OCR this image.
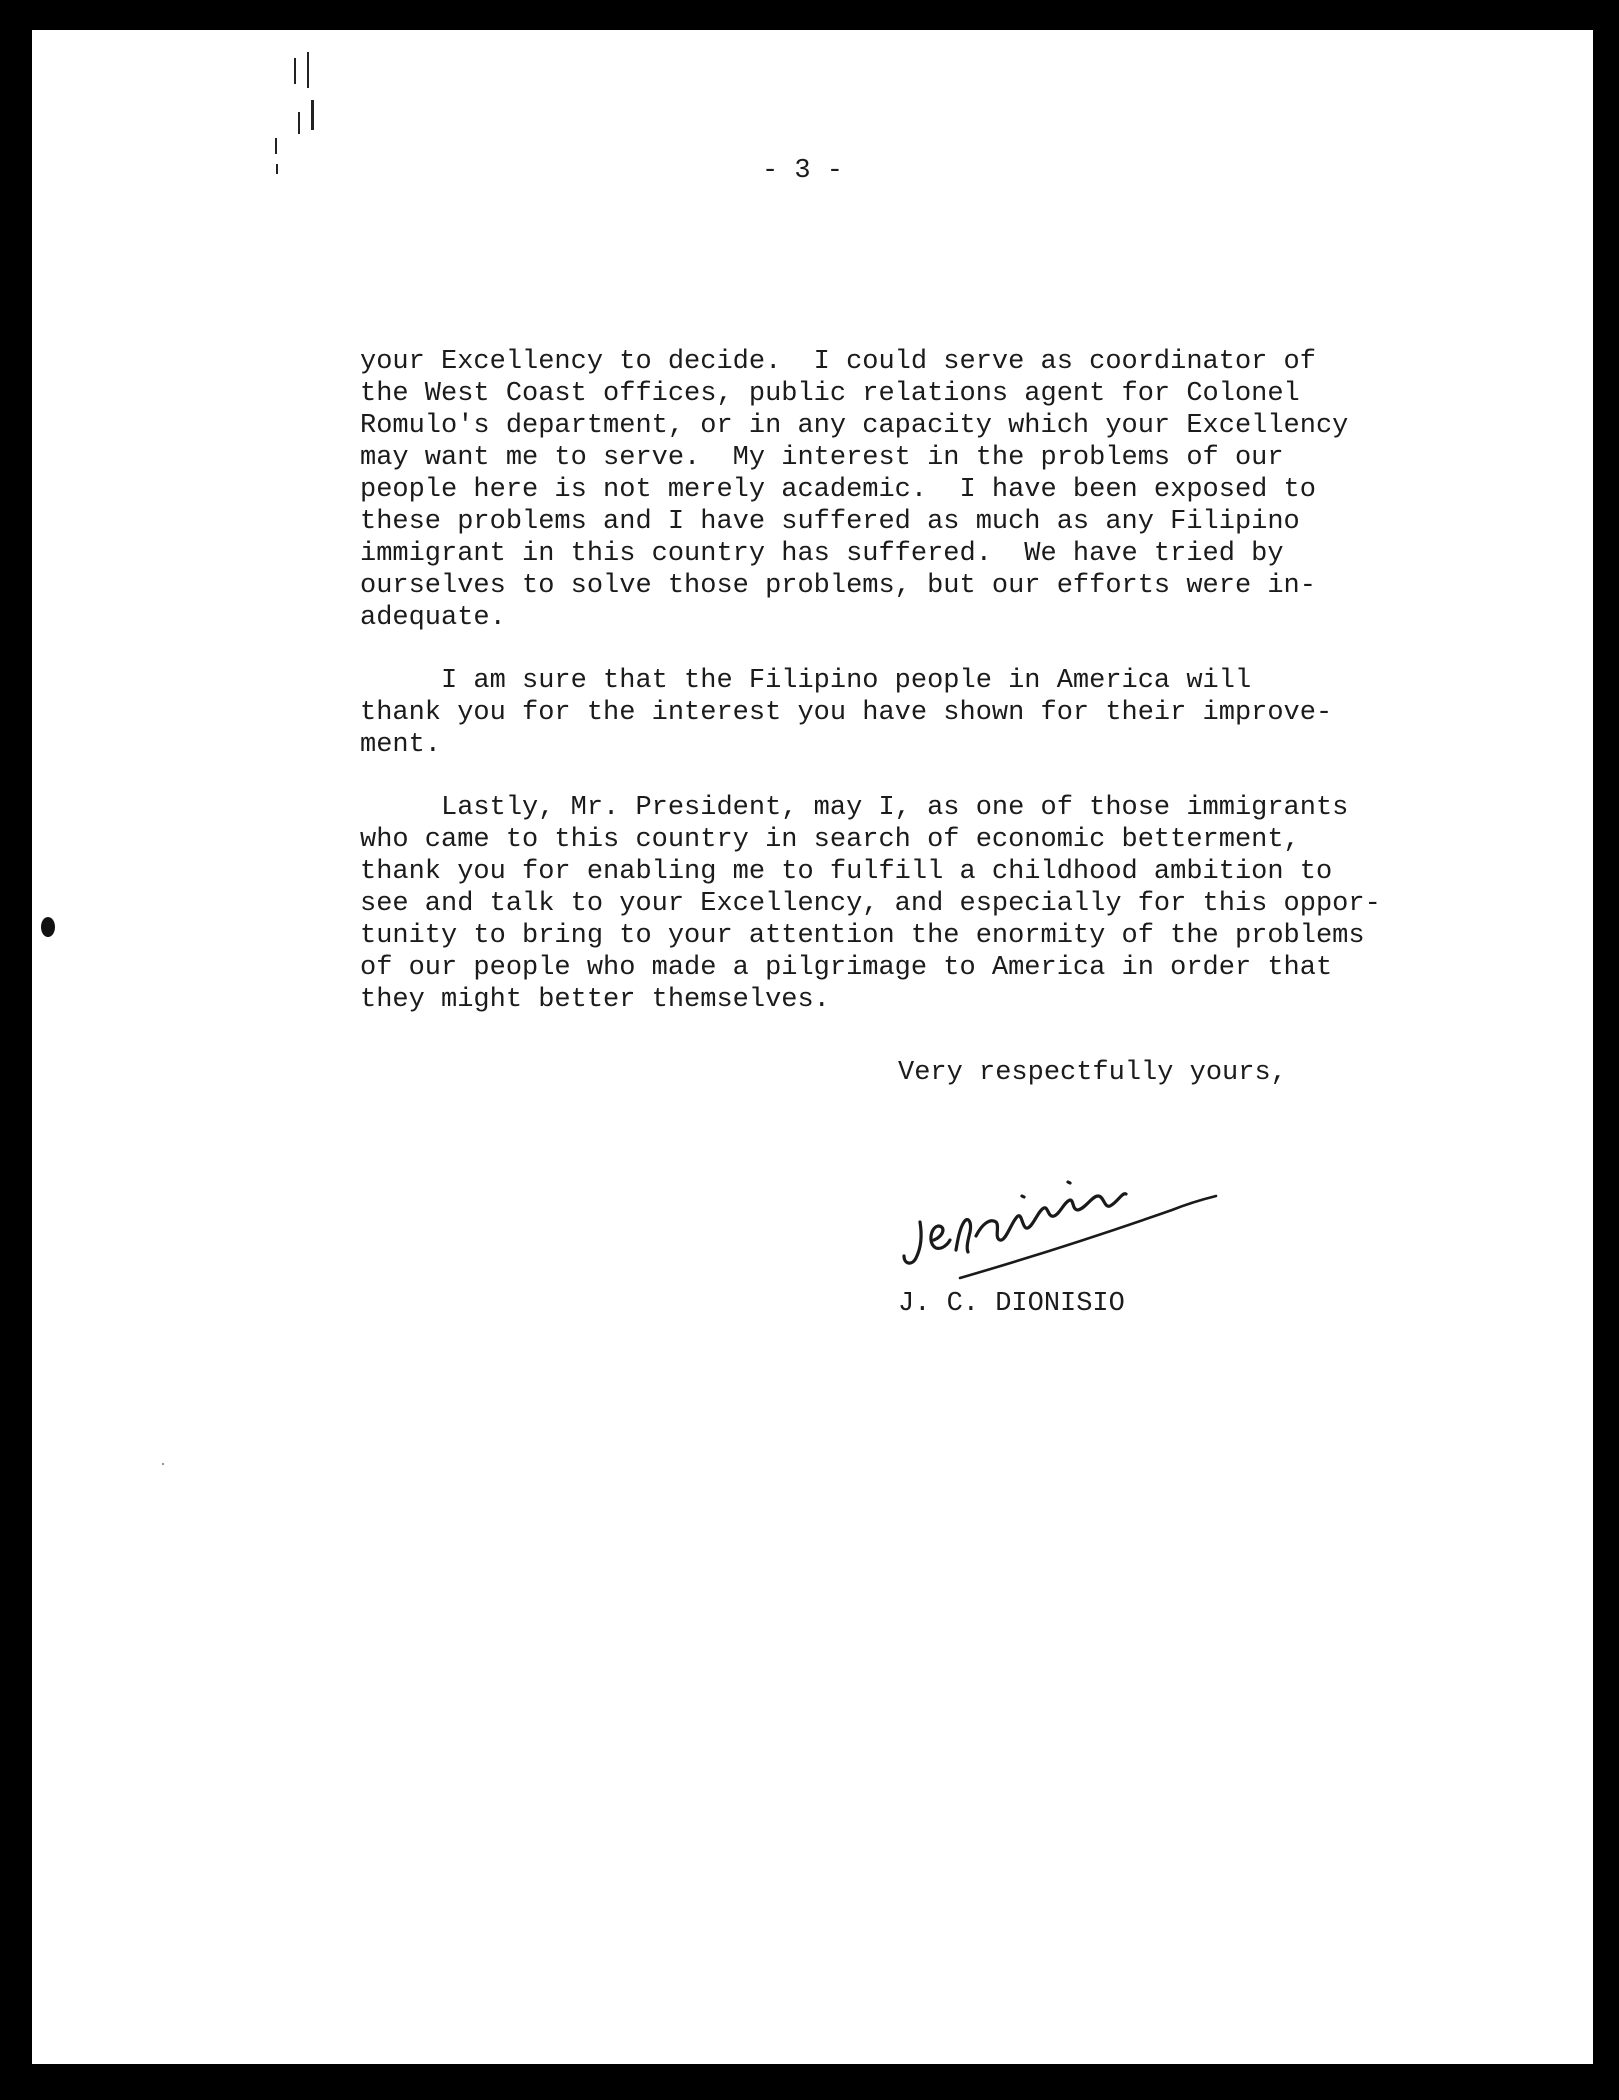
- 3 -
your Excellency to decide.  I could serve as coordinator of
the West Coast offices, public relations agent for Colonel
Romulo's department, or in any capacity which your Excellency
may want me to serve.  My interest in the problems of our
people here is not merely academic.  I have been exposed to
these problems and I have suffered as much as any Filipino
immigrant in this country has suffered.  We have tried by
ourselves to solve those problems, but our efforts were in-
adequate.
I am sure that the Filipino people in America will
thank you for the interest you have shown for their improve-
ment.
Lastly, Mr. President, may I, as one of those immigrants
who came to this country in search of economic betterment,
thank you for enabling me to fulfill a childhood ambition to
see and talk to your Excellency, and especially for this oppor-
tunity to bring to your attention the enormity of the problems
of our people who made a pilgrimage to America in order that
they might better themselves.
Very respectfully yours,
J. C. DIONISIO
